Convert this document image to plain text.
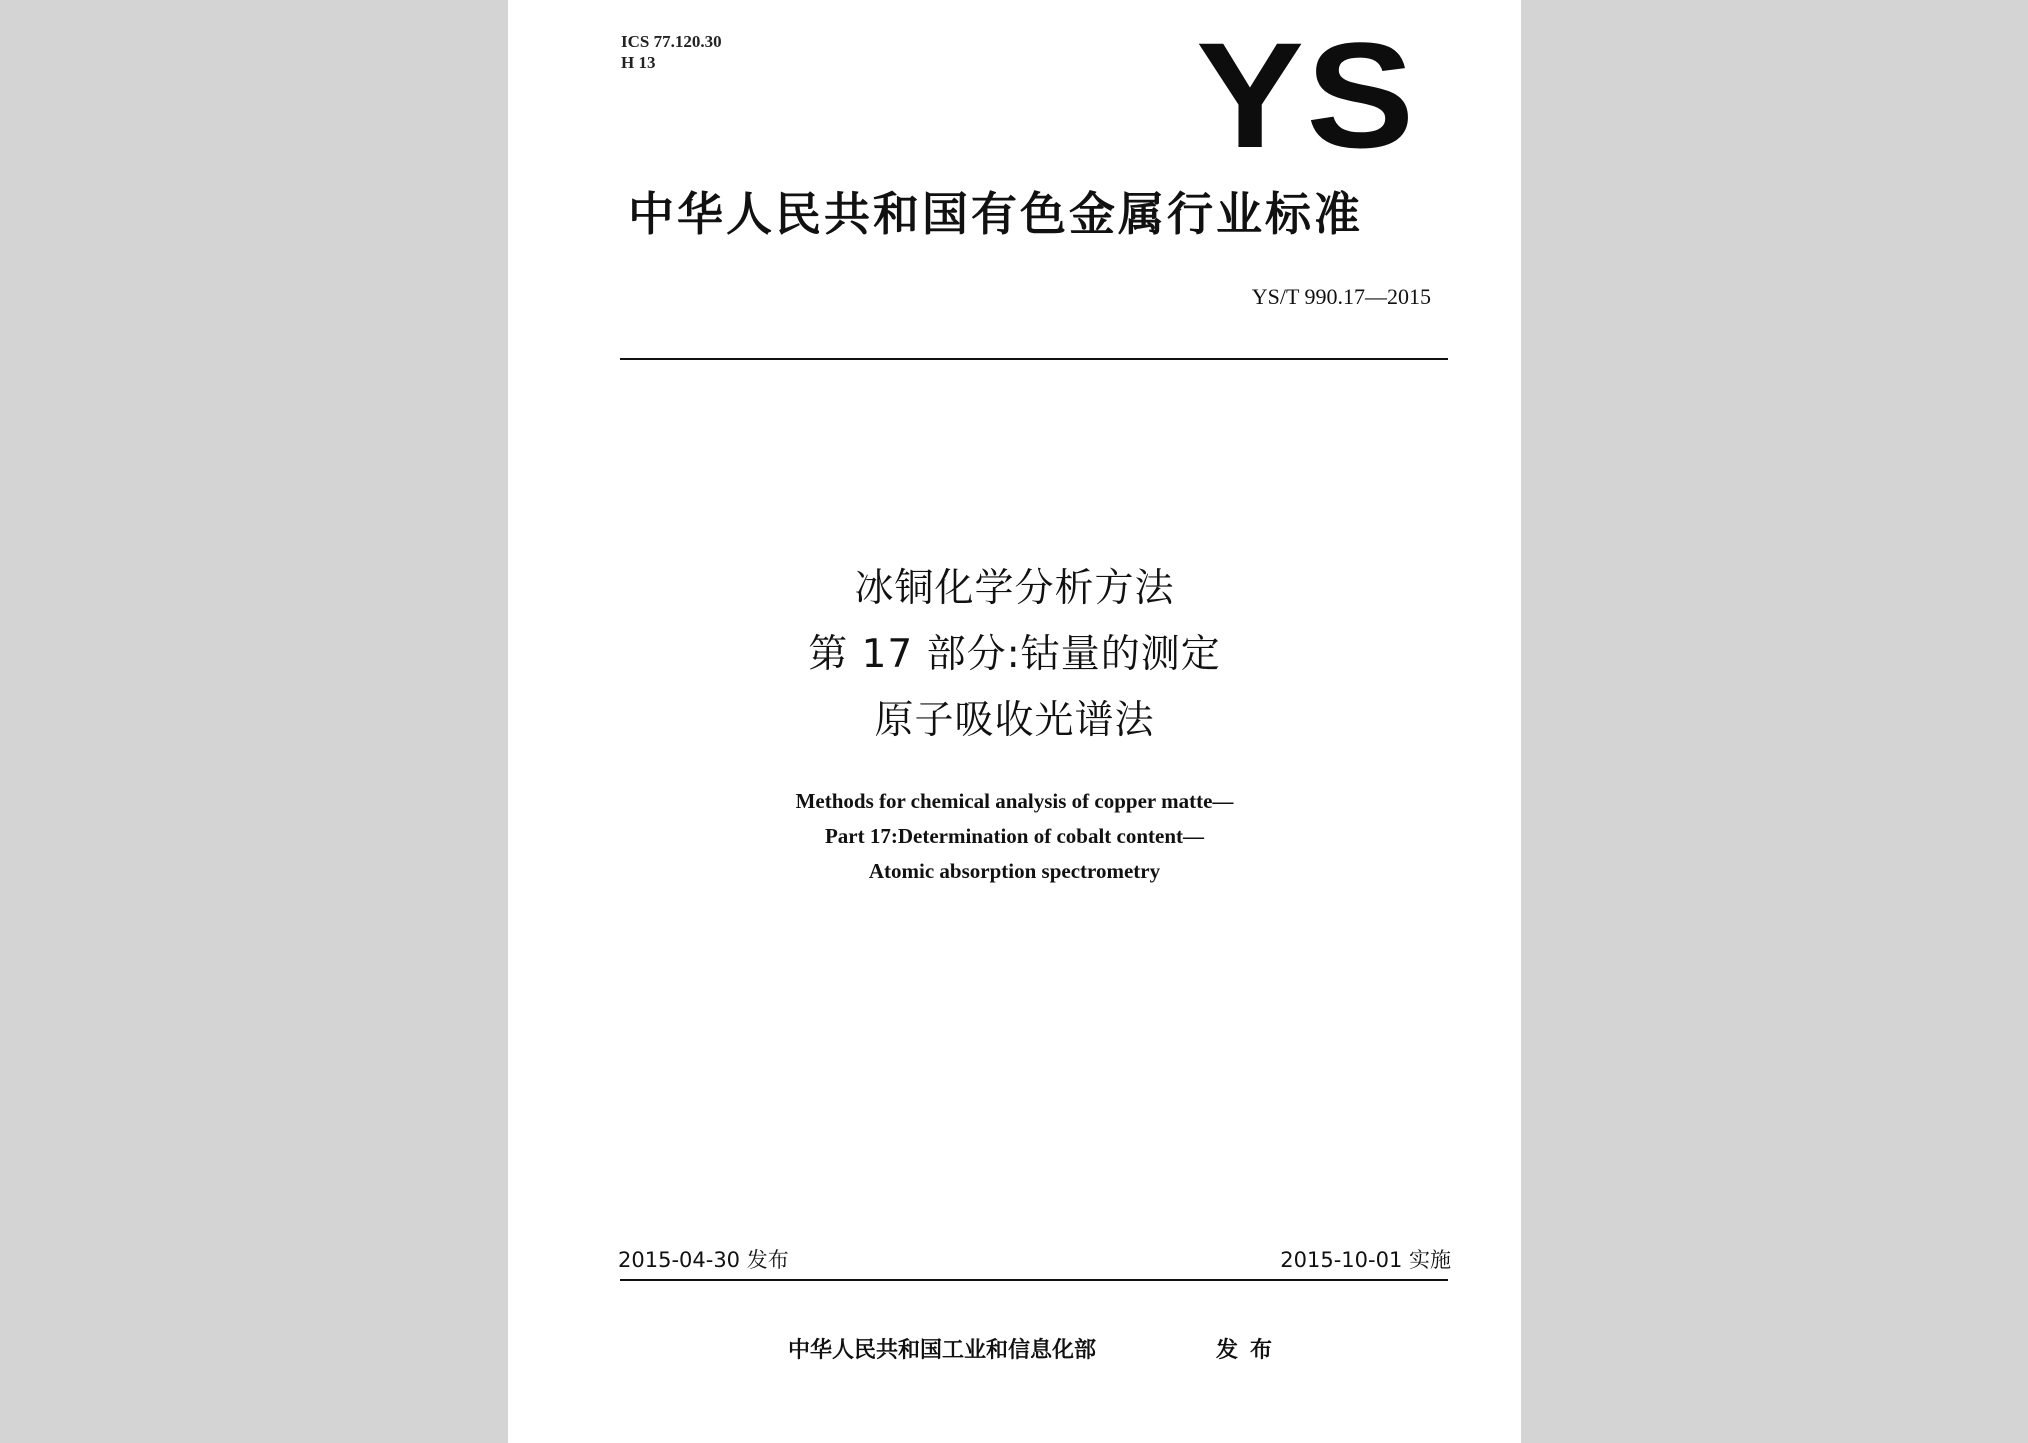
ICS 77.120.30
H 13	YS
中华人民共和国有色金属行业标准
YS/T 990.17—2015
冰铜化学分析方法
第 17 部分:钴量的测定
原子吸收光谱法
Methods for chemical analysis of copper matte—
Part 17:Determination of cobalt content—
Atomic absorption spectrometry
2015-04-30 发布	2015-10-01 实施
中华人民共和国工业和信息化部	发布
